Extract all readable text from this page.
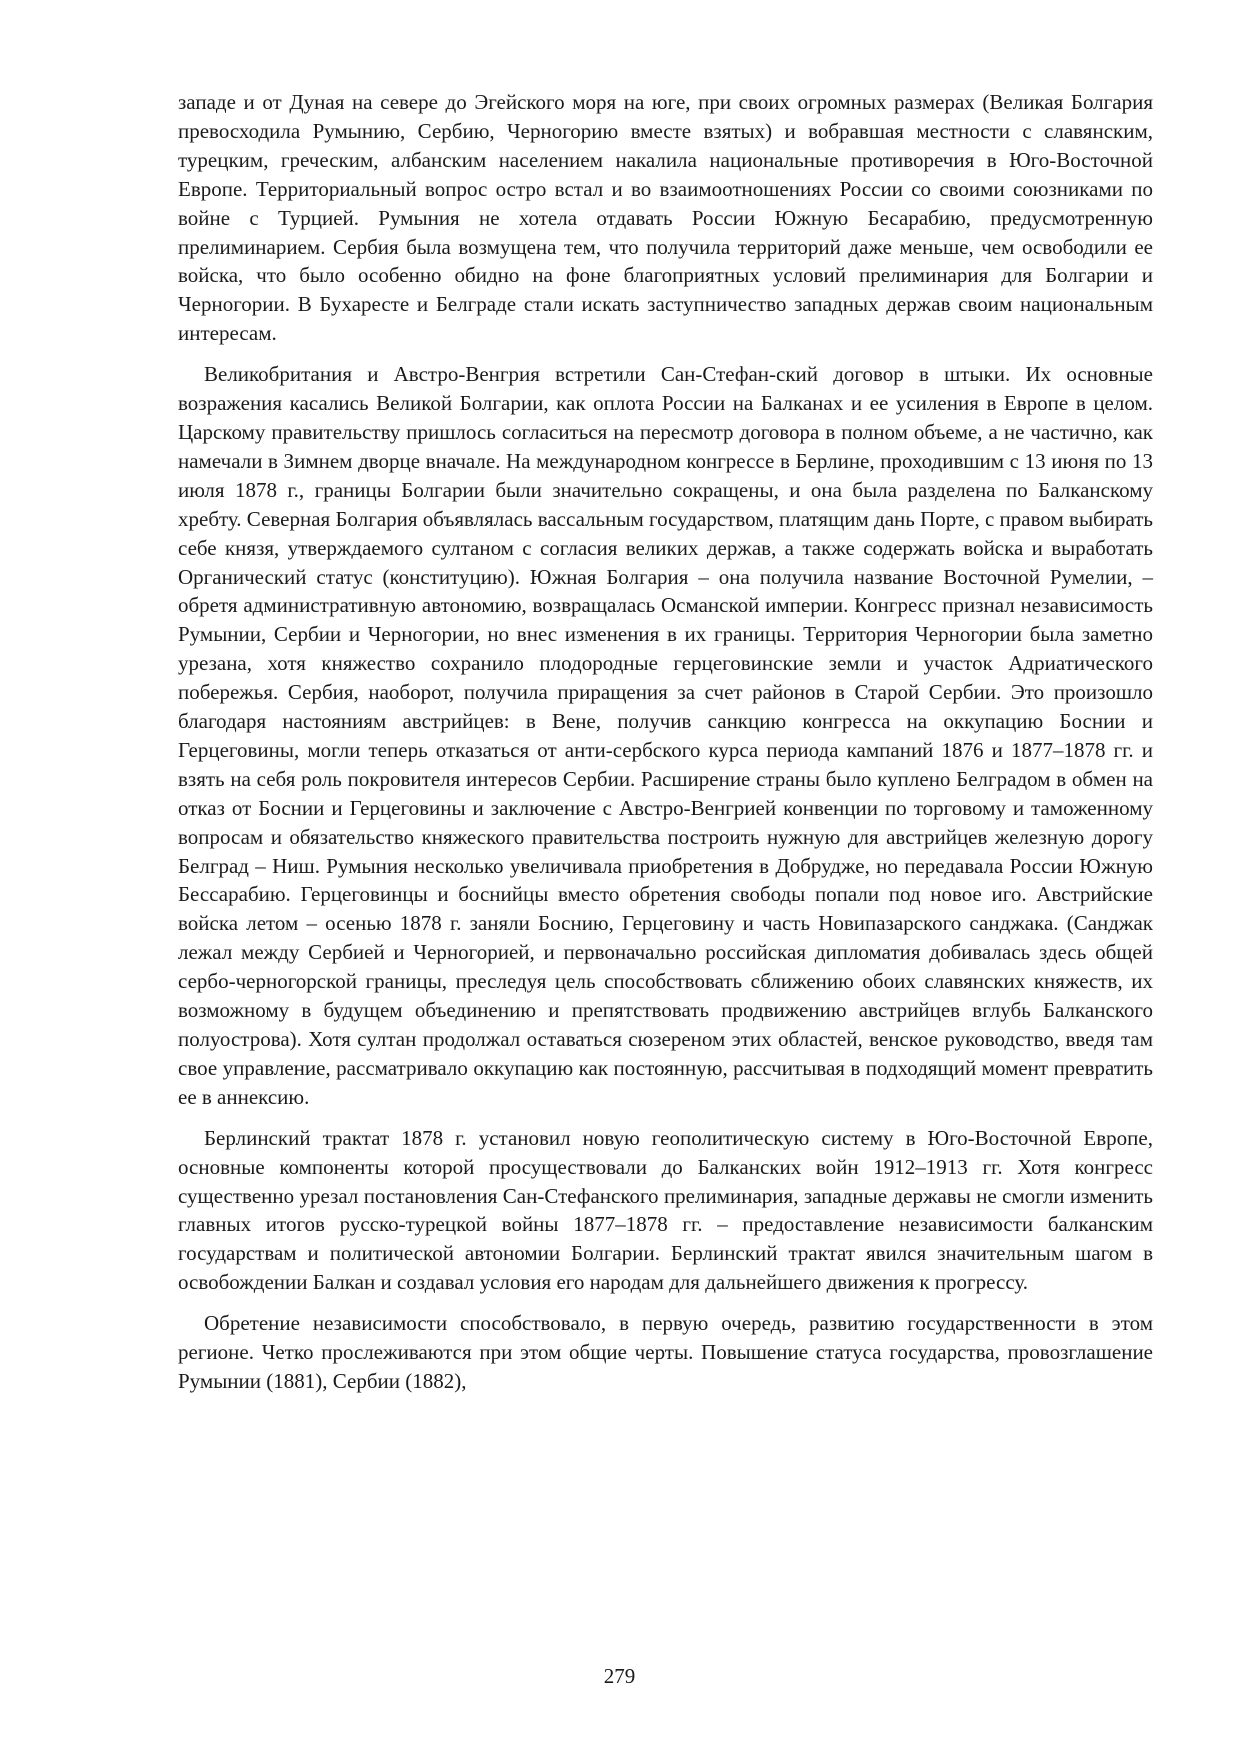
западе и от Дуная на севере до Эгейского моря на юге, при своих огромных размерах (Великая Болгария превосходила Румынию, Сербию, Черногорию вместе взятых) и вобравшая местности с славянским, турецким, греческим, албанским населением накалила национальные противоречия в Юго-Восточной Европе. Территориальный вопрос остро встал и во взаимоотношениях России со своими союзниками по войне с Турцией. Румыния не хотела отдавать России Южную Бесарабию, предусмотренную прелиминарием. Сербия была возмущена тем, что получила территорий даже меньше, чем освободили ее войска, что было особенно обидно на фоне благоприятных условий прелиминария для Болгарии и Черногории. В Бухаресте и Белграде стали искать заступничество западных держав своим национальным интересам.

Великобритания и Австро-Венгрия встретили Сан-Стефан-ский договор в штыки. Их основные возражения касались Великой Болгарии, как оплота России на Балканах и ее усиления в Европе в целом. Царскому правительству пришлось согласиться на пересмотр договора в полном объеме, а не частично, как намечали в Зимнем дворце вначале. На международном конгрессе в Берлине, проходившим с 13 июня по 13 июля 1878 г., границы Болгарии были значительно сокращены, и она была разделена по Балканскому хребту. Северная Болгария объявлялась вассальным государством, платящим дань Порте, с правом выбирать себе князя, утверждаемого султаном с согласия великих держав, а также содержать войска и выработать Органический статус (конституцию). Южная Болгария – она получила название Восточной Румелии, – обретя административную автономию, возвращалась Османской империи. Конгресс признал независимость Румынии, Сербии и Черногории, но внес изменения в их границы. Территория Черногории была заметно урезана, хотя княжество сохранило плодородные герцеговинские земли и участок Адриатического побережья. Сербия, наоборот, получила приращения за счет районов в Старой Сербии. Это произошло благодаря настояниям австрийцев: в Вене, получив санкцию конгресса на оккупацию Боснии и Герцеговины, могли теперь отказаться от анти-сербского курса периода кампаний 1876 и 1877–1878 гг. и взять на себя роль покровителя интересов Сербии. Расширение страны было куплено Белградом в обмен на отказ от Боснии и Герцеговины и заключение с Австро-Венгрией конвенции по торговому и таможенному вопросам и обязательство княжеского правительства построить нужную для австрийцев железную дорогу Белград – Ниш. Румыния несколько увеличивала приобретения в Добрудже, но передавала России Южную Бессарабию. Герцеговинцы и боснийцы вместо обретения свободы попали под новое иго. Австрийские войска летом – осенью 1878 г. заняли Боснию, Герцеговину и часть Новипазарского санджака. (Санджак лежал между Сербией и Черногорией, и первоначально российская дипломатия добивалась здесь общей сербо-черногорской границы, преследуя цель способствовать сближению обоих славянских княжеств, их возможному в будущем объединению и препятствовать продвижению австрийцев вглубь Балканского полуострова). Хотя султан продолжал оставаться сюзереном этих областей, венское руководство, введя там свое управление, рассматривало оккупацию как постоянную, рассчитывая в подходящий момент превратить ее в аннексию.

Берлинский трактат 1878 г. установил новую геополитическую систему в Юго-Восточной Европе, основные компоненты которой просуществовали до Балканских войн 1912–1913 гг. Хотя конгресс существенно урезал постановления Сан-Стефанского прелиминария, западные державы не смогли изменить главных итогов русско-турецкой войны 1877–1878 гг. – предоставление независимости балканским государствам и политической автономии Болгарии. Берлинский трактат явился значительным шагом в освобождении Балкан и создавал условия его народам для дальнейшего движения к прогрессу.

Обретение независимости способствовало, в первую очередь, развитию государственности в этом регионе. Четко прослеживаются при этом общие черты. Повышение статуса государства, провозглашение Румынии (1881), Сербии (1882),

279
